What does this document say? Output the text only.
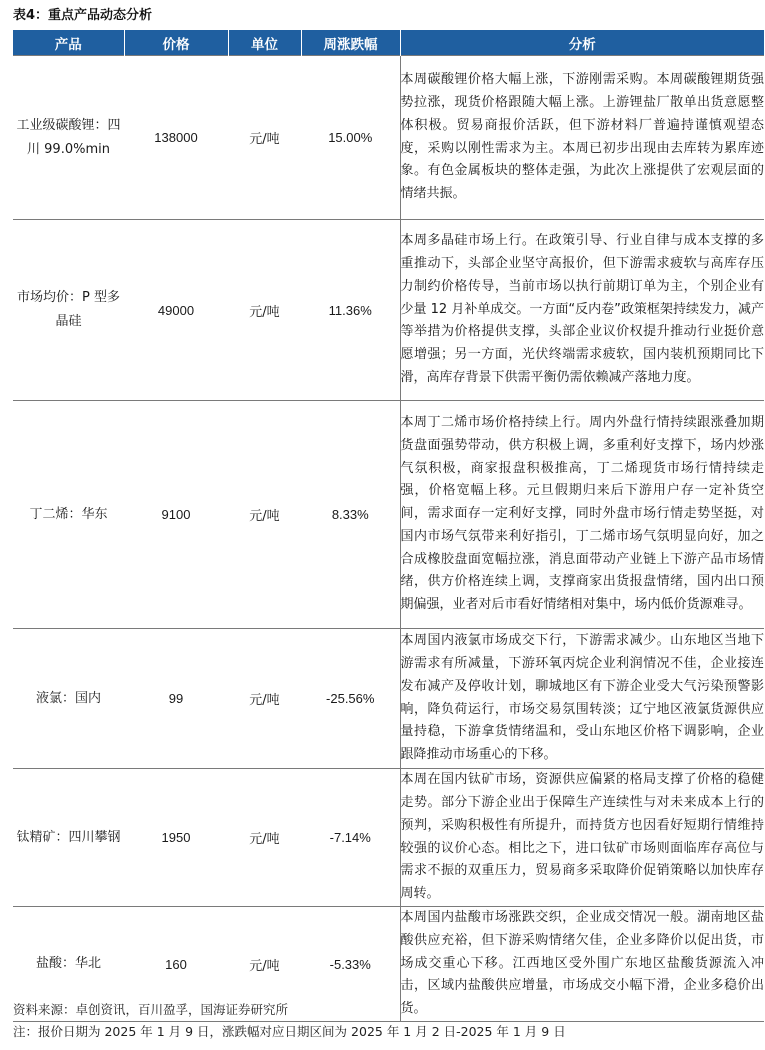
表4：重点产品动态分析
产品	价格	单位	周涨跌幅	分析
工业级碳酸锂：四川 99.0%min	138000	元/吨	15.00%	本周碳酸锂价格大幅上涨，下游刚需采购。本周碳酸锂期货强势拉涨，现货价格跟随大幅上涨。上游锂盐厂散单出货意愿整体积极。贸易商报价活跃，但下游材料厂普遍持谨慎观望态度，采购以刚性需求为主。本周已初步出现由去库转为累库迹象。有色金属板块的整体走强，为此次上涨提供了宏观层面的情绪共振。
市场均价：P 型多晶硅	49000	元/吨	11.36%	本周多晶硅市场上行。在政策引导、行业自律与成本支撑的多重推动下，头部企业坚守高报价，但下游需求疲软与高库存压力制约价格传导，当前市场以执行前期订单为主，个别企业有少量 12 月补单成交。一方面“反内卷”政策框架持续发力，减产等举措为价格提供支撑，头部企业议价权提升推动行业挺价意愿增强；另一方面，光伏终端需求疲软，国内装机预期同比下滑，高库存背景下供需平衡仍需依赖减产落地力度。
丁二烯：华东	9100	元/吨	8.33%	本周丁二烯市场价格持续上行。周内外盘行情持续跟涨叠加期货盘面强势带动，供方积极上调，多重利好支撑下，场内炒涨气氛积极，商家报盘积极推高，丁二烯现货市场行情持续走强，价格宽幅上移。元旦假期归来后下游用户存一定补货空间，需求面存一定利好支撑，同时外盘市场行情走势坚挺，对国内市场气氛带来利好指引，丁二烯市场气氛明显向好，加之合成橡胶盘面宽幅拉涨，消息面带动产业链上下游产品市场情绪，供方价格连续上调，支撑商家出货报盘情绪，国内出口预期偏强，业者对后市看好情绪相对集中，场内低价货源难寻。
液氯：国内	99	元/吨	-25.56%	本周国内液氯市场成交下行，下游需求减少。山东地区当地下游需求有所减量，下游环氧丙烷企业利润情况不佳，企业接连发布减产及停收计划，聊城地区有下游企业受大气污染预警影响，降负荷运行，市场交易氛围转淡；辽宁地区液氯货源供应量持稳，下游拿货情绪温和，受山东地区价格下调影响，企业跟降推动市场重心的下移。
钛精矿：四川攀钢	1950	元/吨	-7.14%	本周在国内钛矿市场，资源供应偏紧的格局支撑了价格的稳健走势。部分下游企业出于保障生产连续性与对未来成本上行的预判，采购积极性有所提升，而持货方也因看好短期行情维持较强的议价心态。相比之下，进口钛矿市场则面临库存高位与需求不振的双重压力，贸易商多采取降价促销策略以加快库存周转。
盐酸：华北	160	元/吨	-5.33%	本周国内盐酸市场涨跌交织，企业成交情况一般。湖南地区盐酸供应充裕，但下游采购情绪欠佳，企业多降价以促出货，市场成交重心下移。江西地区受外围广东地区盐酸货源流入冲击，区域内盐酸供应增量，市场成交小幅下滑，企业多稳价出货。
资料来源：卓创资讯，百川盈孚，国海证券研究所
注：报价日期为 2025 年 1 月 9 日，涨跌幅对应日期区间为 2025 年 1 月 2 日-2025 年 1 月 9 日
